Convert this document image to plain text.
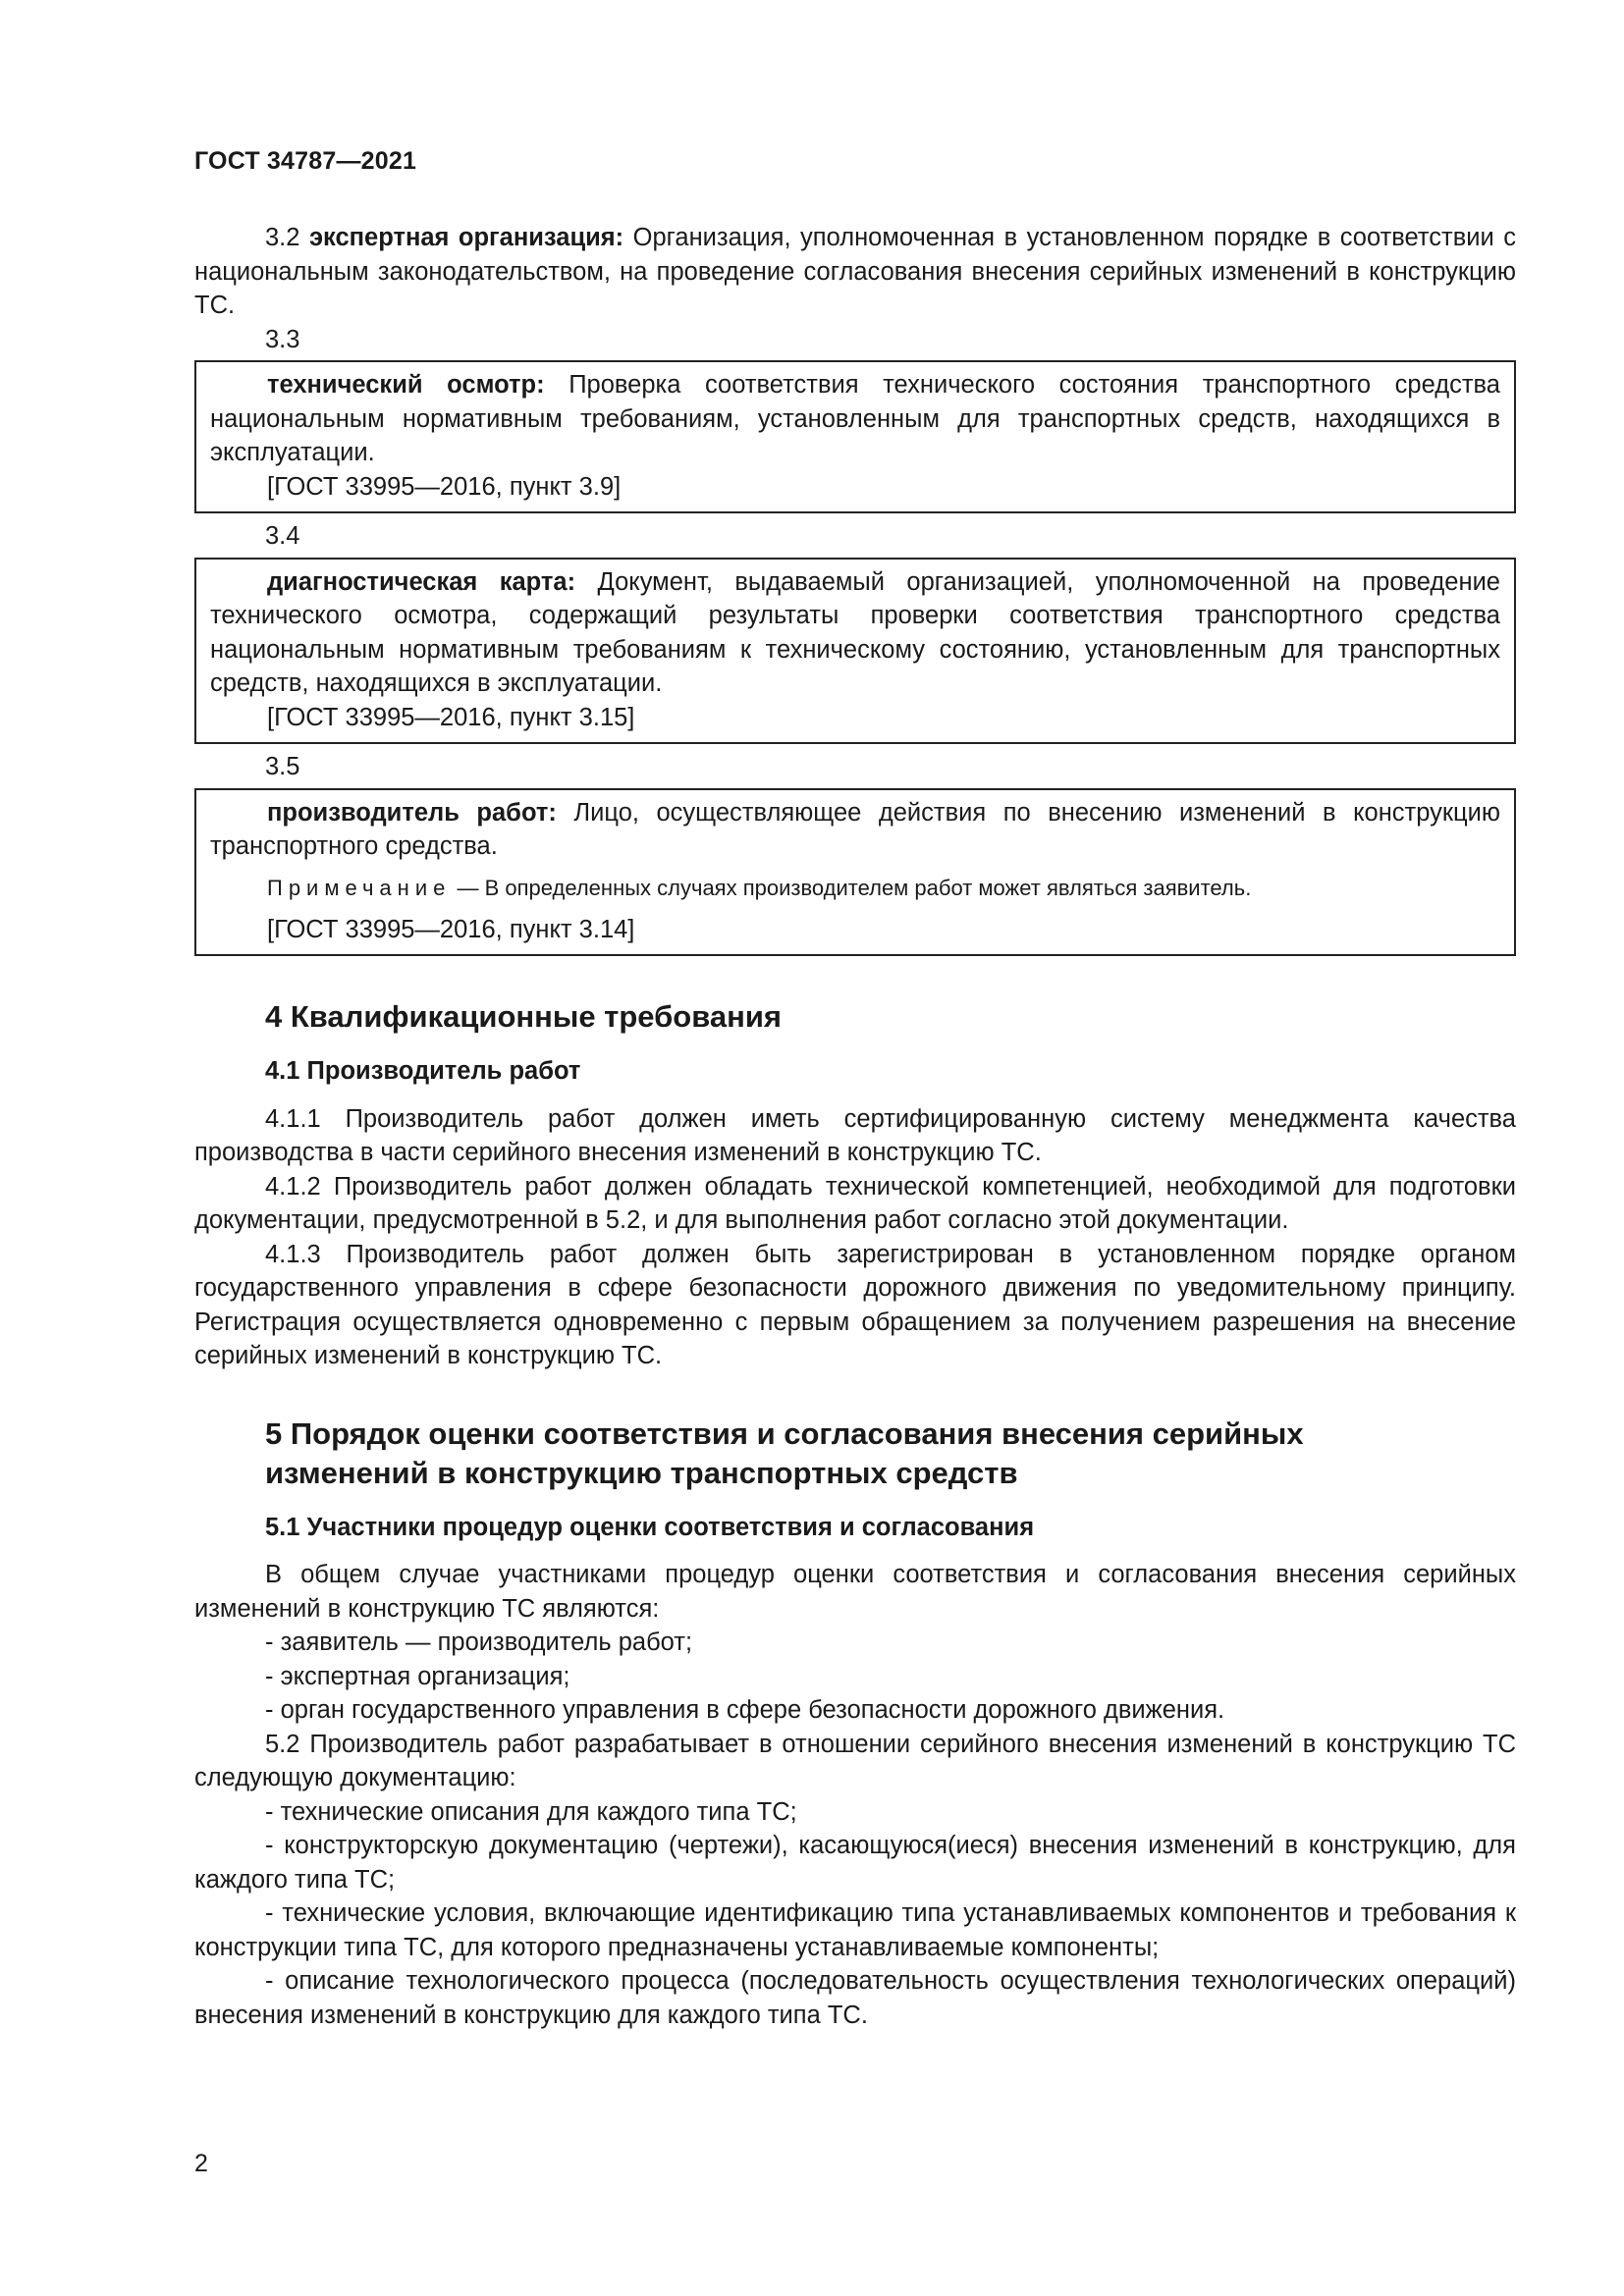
ГОСТ 34787—2021

3.2 экспертная организация: Организация, уполномоченная в установленном порядке в соответствии с национальным законодательством, на проведение согласования внесения серийных изменений в конструкцию ТС.

3.3

технический осмотр: Проверка соответствия технического состояния транспортного средства национальным нормативным требованиям, установленным для транспортных средств, находящихся в эксплуатации.

[ГОСТ 33995—2016, пункт 3.9]

3.4

диагностическая карта: Документ, выдаваемый организацией, уполномоченной на проведение технического осмотра, содержащий результаты проверки соответствия транспортного средства национальным нормативным требованиям к техническому состоянию, установленным для транспортных средств, находящихся в эксплуатации.

[ГОСТ 33995—2016, пункт 3.15]

3.5

производитель работ: Лицо, осуществляющее действия по внесению изменений в конструкцию транспортного средства.

Примечание — В определенных случаях производителем работ может являться заявитель.

[ГОСТ 33995—2016, пункт 3.14]

4 Квалификационные требования
4.1 Производитель работ

4.1.1 Производитель работ должен иметь сертифицированную систему менеджмента качества производства в части серийного внесения изменений в конструкцию ТС.

4.1.2 Производитель работ должен обладать технической компетенцией, необходимой для подготовки документации, предусмотренной в 5.2, и для выполнения работ согласно этой документации.

4.1.3 Производитель работ должен быть зарегистрирован в установленном порядке органом государственного управления в сфере безопасности дорожного движения по уведомительному принципу. Регистрация осуществляется одновременно с первым обращением за получением разрешения на внесение серийных изменений в конструкцию ТС.

5 Порядок оценки соответствия и согласования внесения серийных
изменений в конструкцию транспортных средств
5.1 Участники процедур оценки соответствия и согласования

В общем случае участниками процедур оценки соответствия и согласования внесения серийных изменений в конструкцию ТС являются:

- заявитель — производитель работ;

- экспертная организация;

- орган государственного управления в сфере безопасности дорожного движения.

5.2 Производитель работ разрабатывает в отношении серийного внесения изменений в конструкцию ТС следующую документацию:

- технические описания для каждого типа ТС;

- конструкторскую документацию (чертежи), касающуюся(иеся) внесения изменений в конструкцию, для каждого типа ТС;

- технические условия, включающие идентификацию типа устанавливаемых компонентов и требования к конструкции типа ТС, для которого предназначены устанавливаемые компоненты;

- описание технологического процесса (последовательность осуществления технологических операций) внесения изменений в конструкцию для каждого типа ТС.

2
